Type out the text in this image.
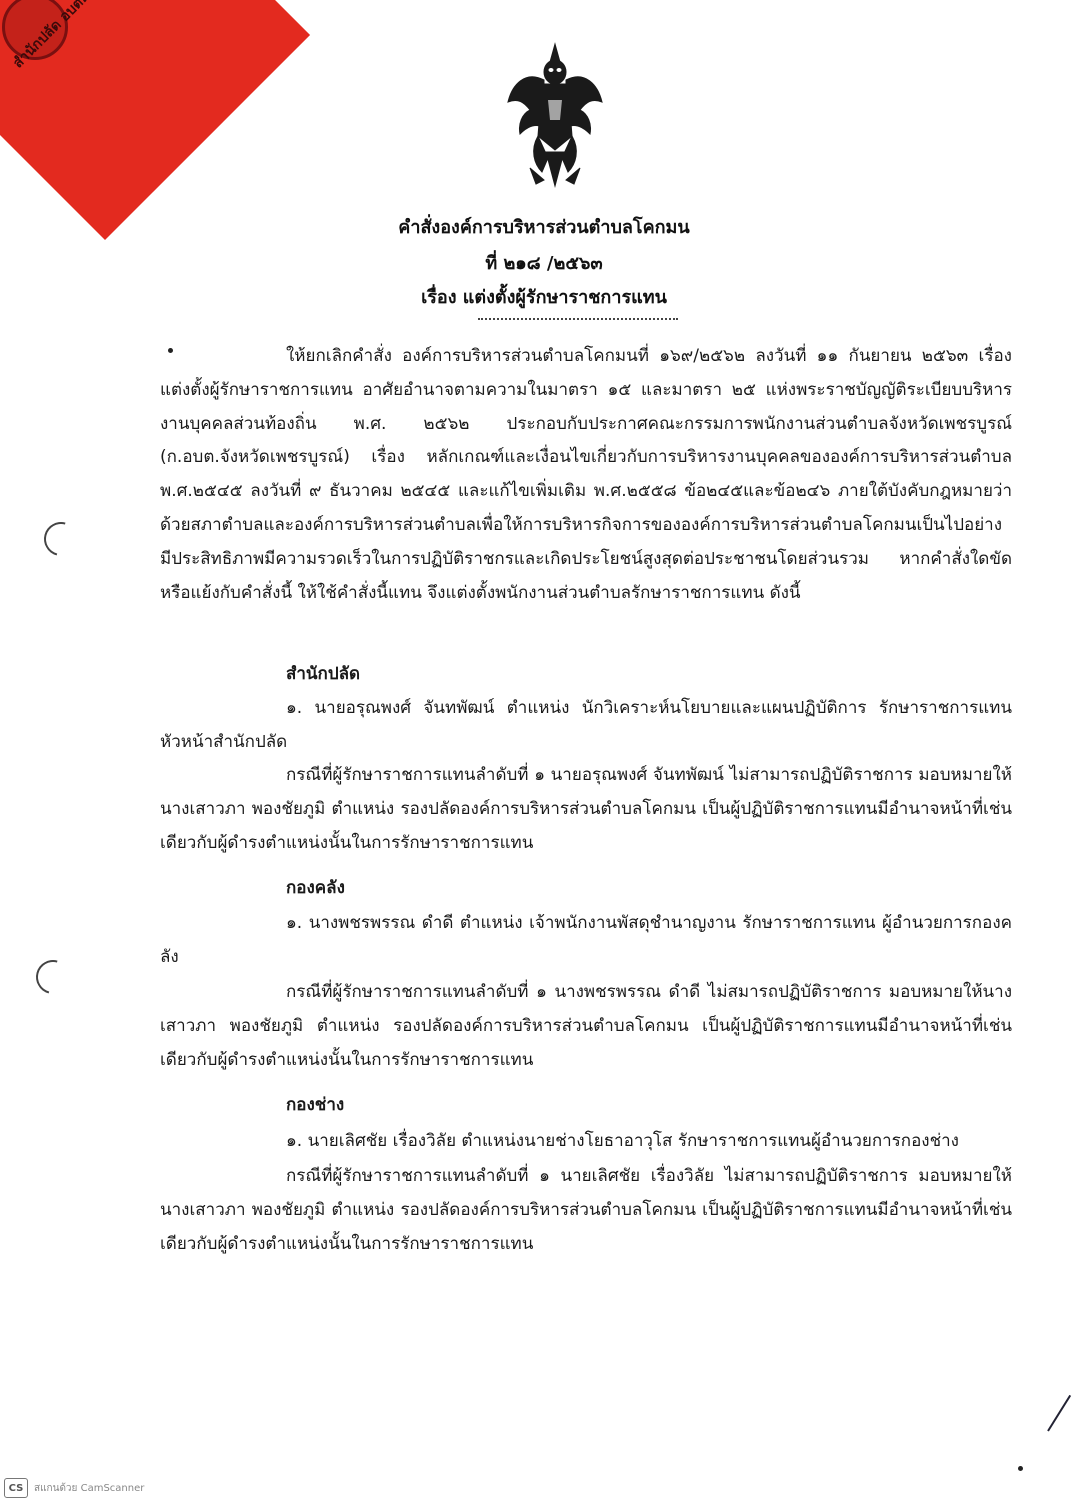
สำนักปลัด
คำสั่งองค์การบริหารส่วนตำบลโคกมน
ที่ ๒๑๘ /๒๕๖๓
เรื่อง แต่งตั้งผู้รักษาราชการแทน
ให้ยกเลิกคำสั่ง องค์การบริหารส่วนตำบลโคกมนที่ ๑๖๙/๒๕๖๒ ลงวันที่ ๑๑ กันยายน ๒๕๖๓ เรื่อง แต่งตั้งผู้รักษาราชการแทน อาศัยอำนาจตามความในมาตรา ๑๕ และมาตรา ๒๕ แห่งพระราชบัญญัติระเบียบบริหารงานบุคคลส่วนท้องถิ่น พ.ศ. ๒๕๖๒ ประกอบกับประกาศคณะกรรมการพนักงานส่วนตำบลจังหวัดเพชรบูรณ์ (ก.อบต.จังหวัดเพชรบูรณ์) เรื่อง หลักเกณฑ์และเงื่อนไขเกี่ยวกับการบริหารงานบุคคลขององค์การบริหารส่วนตำบล พ.ศ.๒๕๔๕ ลงวันที่ ๙ ธันวาคม ๒๕๔๕ และแก้ไขเพิ่มเติม พ.ศ.๒๕๕๘ ข้อ๒๔๕และข้อ๒๔๖ ภายใต้บังคับกฎหมายว่าด้วยสภาตำบลและองค์การบริหารส่วนตำบลเพื่อให้การบริหารกิจการขององค์การบริหารส่วนตำบลโคกมนเป็นไปอย่างมีประสิทธิภาพมีความรวดเร็วในการปฏิบัติราชกรและเกิดประโยชน์สูงสุดต่อประชาชนโดยส่วนรวม หากคำสั่งใดขัดหรือแย้งกับคำสั่งนี้ ให้ใช้คำสั่งนี้แทน จึงแต่งตั้งพนักงานส่วนตำบลรักษาราชการแทน ดังนี้
สำนักปลัด
๑. นายอรุณพงศ์ จันทพัฒน์ ตำแหน่ง นักวิเคราะห์นโยบายและแผนปฏิบัติการ รักษาราชการแทน หัวหน้าสำนักปลัด
กรณีที่ผู้รักษาราชการแทนลำดับที่ ๑ นายอรุณพงศ์ จันทพัฒน์ ไม่สามารถปฏิบัติราชการ มอบหมายให้นางเสาวภา พองชัยภูมิ ตำแหน่ง รองปลัดองค์การบริหารส่วนตำบลโคกมน เป็นผู้ปฏิบัติราชการแทนมีอำนาจหน้าที่เช่นเดียวกับผู้ดำรงตำแหน่งนั้นในการรักษาราชการแทน
กองคลัง
๑. นางพชรพรรณ ดำดี ตำแหน่ง เจ้าพนักงานพัสดุชำนาญงาน รักษาราชการแทน ผู้อำนวยการกองคลัง
กรณีที่ผู้รักษาราชการแทนลำดับที่ ๑ นางพชรพรรณ ดำดี ไม่สมารถปฏิบัติราชการ มอบหมายให้นางเสาวภา พองชัยภูมิ ตำแหน่ง รองปลัดองค์การบริหารส่วนตำบลโคกมน เป็นผู้ปฏิบัติราชการแทนมีอำนาจหน้าที่เช่นเดียวกับผู้ดำรงตำแหน่งนั้นในการรักษาราชการแทน
กองช่าง
๑. นายเลิศชัย เรื่องวิลัย ตำแหน่งนายช่างโยธาอาวุโส รักษาราชการแทนผู้อำนวยการกองช่าง
กรณีที่ผู้รักษาราชการแทนลำดับที่ ๑ นายเลิศชัย เรื่องวิลัย ไม่สามารถปฏิบัติราชการ มอบหมายให้นางเสาวภา พองชัยภูมิ ตำแหน่ง รองปลัดองค์การบริหารส่วนตำบลโคกมน เป็นผู้ปฏิบัติราชการแทนมีอำนาจหน้าที่เช่นเดียวกับผู้ดำรงตำแหน่งนั้นในการรักษาราชการแทน
CS	สแกนด้วย CamScanner
